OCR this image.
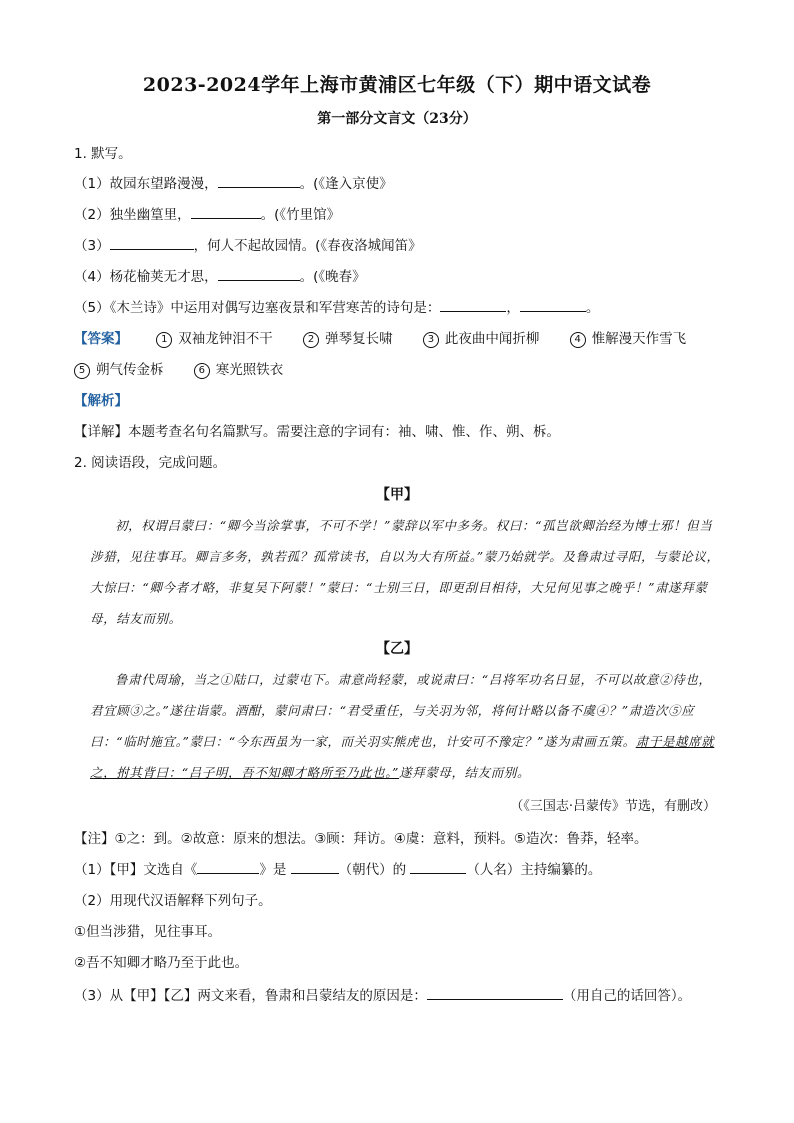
2023-2024学年上海市黄浦区七年级（下）期中语文试卷
第一部分文言文（23分）
1. 默写。
（1）故园东望路漫漫，	。(《逢入京使》
（2）独坐幽篁里，	。(《竹里馆》
（3）	，何人不起故园情。(《春夜洛城闻笛》
（4）杨花榆荚无才思，	。(《晚春》
（5）《木兰诗》中运用对偶写边塞夜景和军营寒苦的诗句是：	，	。
【答案】	1 双袖龙钟泪不干	2 弹琴复长啸	3 此夜曲中闻折柳	4 惟解漫天作雪飞
5 朔气传金柝	6 寒光照铁衣
【解析】
【详解】本题考查名句名篇默写。需要注意的字词有：袖、啸、惟、作、朔、柝。
2. 阅读语段，完成问题。
【甲】
初，权谓吕蒙曰：“卿今当涂掌事，不可不学！”蒙辞以军中多务。权曰：“孤岂欲卿治经为博士邪！但当涉猎，见往事耳。卿言多务，孰若孤？孤常读书，自以为大有所益。”蒙乃始就学。及鲁肃过寻阳，与蒙论议，大惊曰：“卿今者才略，非复吴下阿蒙！”蒙曰：“士别三日，即更刮目相待，大兄何见事之晚乎！”肃遂拜蒙母，结友而别。
【乙】
鲁肃代周瑜，当之①陆口，过蒙屯下。肃意尚轻蒙，或说肃曰：“吕将军功名日显，不可以故意②待也，君宜顾③之。”遂往诣蒙。酒酣，蒙问肃曰：“君受重任，与关羽为邻，将何计略以备不虞④？”肃造次⑤应曰：“临时施宜。”蒙曰：“今东西虽为一家，而关羽实熊虎也，计安可不豫定？”遂为肃画五策。肃于是越席就之，拊其背曰：“吕子明，吾不知卿才略所至乃此也。”遂拜蒙母，结友而别。
（《三国志·吕蒙传》节选，有删改）
【注】①之：到。②故意：原来的想法。③顾：拜访。④虞：意料，预料。⑤造次：鲁莽，轻率。
（1）【甲】文选自《	》是	（朝代）的	（人名）主持编纂的。
（2）用现代汉语解释下列句子。
①但当涉猎，见往事耳。
②吾不知卿才略乃至于此也。
（3）从【甲】【乙】两文来看，鲁肃和吕蒙结友的原因是：	（用自己的话回答）。
